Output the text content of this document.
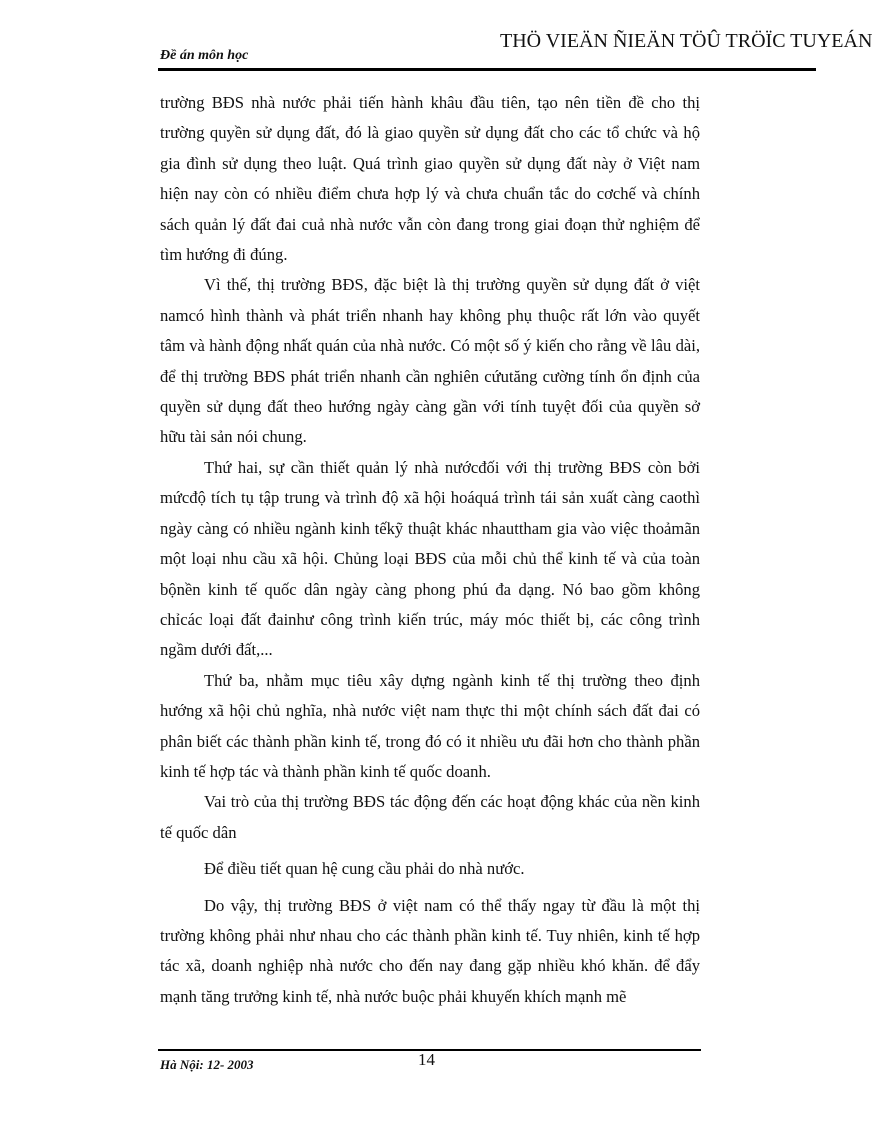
Đề án môn học
THÖ VIEÄN ÑIEÄN TÖÛ TRÖÏC TUYEÁN

trường BĐS nhà nước phải tiến hành khâu đầu tiên, tạo nên tiền đề cho thị trường quyền sử dụng đất, đó là giao quyền sử dụng đất cho các tổ chức và hộ gia đình sử dụng theo luật. Quá trình giao quyền sử dụng đất này ở Việt nam hiện nay còn có nhiều điểm chưa hợp lý và chưa chuẩn tắc do cơchế và chính sách quản lý đất đai cuả nhà nước vẫn còn đang trong giai đoạn thử nghiệm để tìm hướng đi đúng.

Vì thế, thị trường BĐS, đặc biệt là thị trường quyền sử dụng đất ở việt namcó hình thành và phát triển nhanh hay không phụ thuộc rất lớn vào quyết tâm và hành động nhất quán của nhà nước. Có một số ý kiến cho rằng về lâu dài, để thị trường BĐS phát triển nhanh cần nghiên cứutăng cường tính ổn định của quyền sử dụng đất theo hướng ngày càng gần với tính tuyệt đối của quyền sở hữu tài sản nói chung.

Thứ hai, sự cần thiết quản lý nhà nướcđối với thị trường BĐS còn bởi mứcđộ tích tụ tập trung và trình độ xã hội hoáquá trình tái sản xuất càng caothì ngày càng có nhiều ngành kinh tếkỹ thuật khác nhauttham gia vào việc thoảmãn một loại nhu cầu xã hội. Chủng loại BĐS của mỗi chủ thể kinh tế và của toàn bộnền kinh tế quốc dân ngày càng phong phú đa dạng. Nó bao gồm không chỉcác loại đất đainhư công trình kiến trúc, máy móc thiết bị, các công trình ngầm dưới đất,...

Thứ ba, nhằm mục tiêu xây dựng ngành kinh tế thị trường theo định hướng xã hội chủ nghĩa, nhà nước việt nam thực thi một chính sách đất đai có phân biết các thành phần kinh tế, trong đó có it nhiều ưu đãi hơn cho thành phần kinh tế hợp tác và thành phần kinh tế quốc doanh.

Vai trò của thị trường BĐS tác động đến các hoạt động khác của nền kinh tế quốc dân

Để điều tiết quan hệ cung cầu phải do nhà nước.

Do vậy, thị trường BĐS ở việt nam có thể thấy ngay từ đầu là một thị trường không phải như nhau cho các thành phần kinh tế. Tuy nhiên, kinh tế hợp tác xã, doanh nghiệp nhà nước cho đến nay đang gặp nhiều khó khăn. để đẩy mạnh tăng trưởng kinh tế, nhà nước buộc phải khuyến khích mạnh mẽ

Hà Nội: 12- 2003	14
